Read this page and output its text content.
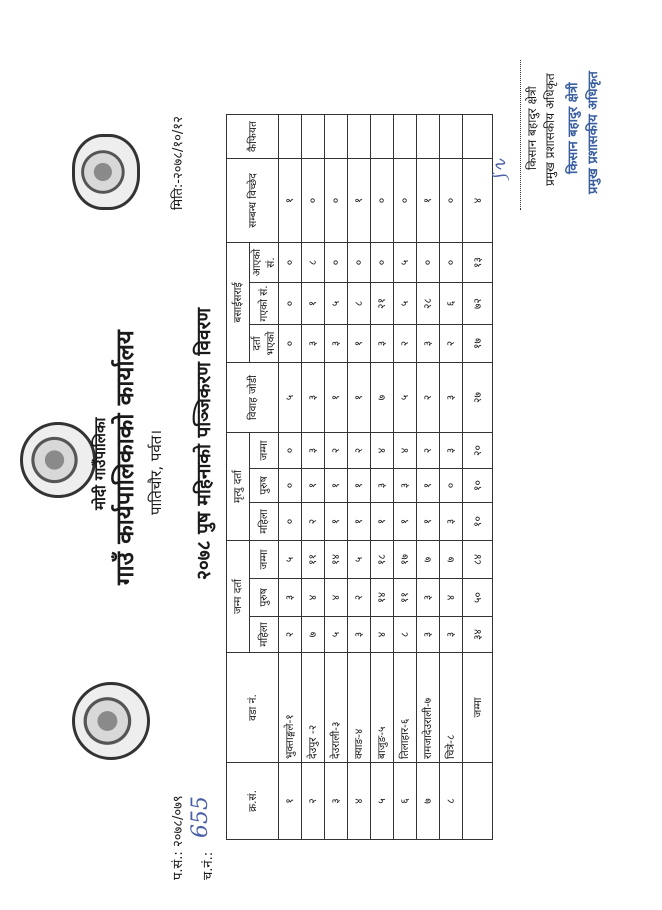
मोदी गाउँपालिका गाउँ कार्यपालिकाको कार्यालय पातिचौर, पर्वत।
प.सं.: २०७८/०७९ च.नं.:
655
मिति:-२०७८/१०/१२
२०७८ पुष महिनाको पञ्जिकरण विवरण
क्र.सं.	वडा नं.	जन्म दर्ता			मृत्यु दर्ता			विवाह जोडी	बसाईसराई			सम्बन्ध विच्छेद	कैफियत
		महिला	पुरुष	जम्मा	महिला	पुरुष	जम्मा		दर्ता भएको	गएको सं.	आएको सं.		
१	भुक्ताङ्गले-१	२	३	५	०	०	०	५	०	०	०	१	
२	देउपुर -२	७	४	११	२	१	३	३	३	१	८	०	
३	देउराली-३	५	४	१४	१	१	२	१	३	५	०	०	
४	क्याङ-४	३	२	५	१	१	२	१	१	८	०	१	
५	बाजुङ-५	४	१४	१८	१	३	४	७	३	२१	०	०	
६	तिलाहार-६	८	११	१७	१	३	४	५	२	५	५	०	
७	रामजादेउराली-७	३	३	७	१	१	२	२	३	२८	०	१	
८	चित्रे-८	३	४	७	३	०	३	३	२	६	०	०	
	जम्मा	३४	५०	८४	१०	१०	२०	२७	१७	७२	१३	४	
⟆∿ किसान बहादुर क्षेत्री प्रमुख प्रशासकीय अधिकृत किसान बहादुर क्षेत्री प्रमुख प्रशासकीय अधिकृत
